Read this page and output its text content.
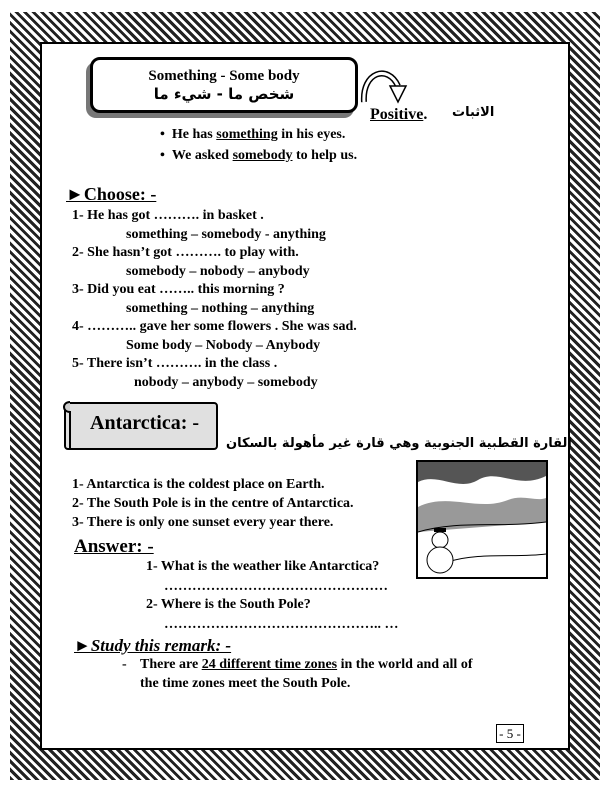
Something - Some body
شخص ما - شيء ما
Positive. الاثبات
•  He has something in his eyes.
•  We asked somebody to help us.
►Choose: -
1- He has got ………. in basket .
something – somebody - anything
2- She hasn’t got ………. to play with.
somebody – nobody – anybody
3- Did you eat …….. this morning ?
something – nothing – anything
4- ……….. gave her some flowers . She was sad.
Some body – Nobody – Anybody
5- There isn’t ………. in the class .
nobody – anybody – somebody
Antarctica: -
القارة القطبية الجنوبية وهي قارة غير مأهولة بالسكان
1- Antarctica is the coldest place on Earth.
2- The South Pole is in the centre of Antarctica.
3- There is only one sunset every year there.
Answer: -
1- What is the weather like Antarctica?
…………………………………………
2- Where is the South Pole?
……………………………………….. …
►Study this remark: -
- There are 24 different time zones in the world and all of
the time zones meet the South Pole.
- 5 -
